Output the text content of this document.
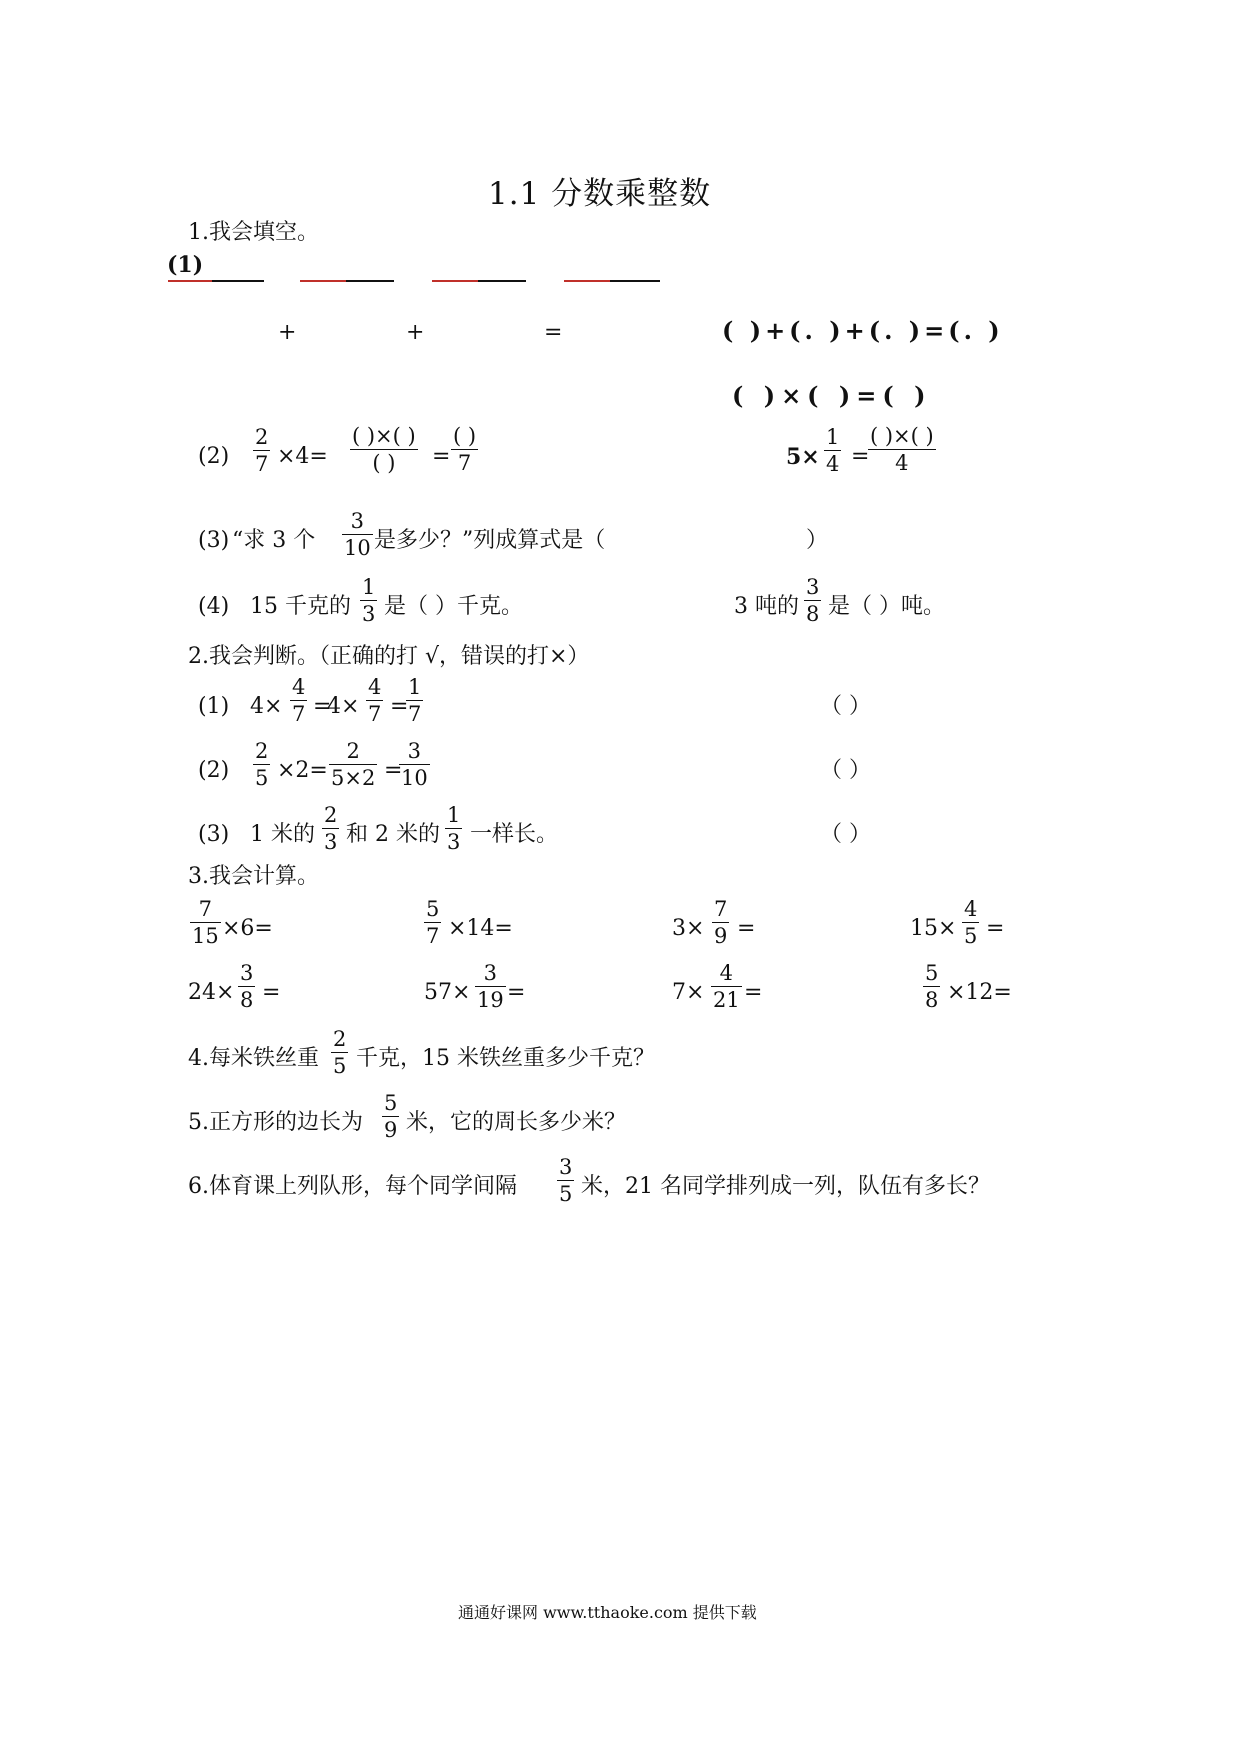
1.1 分数乘整数
1.我会填空。
(1)
+	+	=	( )+(. )+(. )=(. )
( )×( )=( )
(2)
2
7 ×4=
( )×( )
( ) =
( )
7	5×
1
4 =
( )×( )
4
(3) “求 3 个
3
10 是多少？”列成算式是（	）
(4) 15 千克的
1
3 是（ ）千克。	3 吨的
3
8 是（ ）吨。
2.我会判断。（正确的打 √，错误的打×）
(1) 4×
4
7 =
4×
4
7 =
1
7	（ ）
(2)
2
5 ×2=
2
5×2 =
3
10	（ ）
(3) 1 米的
2
3 和 2 米的
1
3 一样长。	（ ）
3.我会计算。
7
15 ×6=
5
7 ×14=	3×
7
9 =	15×
4
5 =
24×
3
8 =	57×
3
19 =	7×
4
21 =
5
8 ×12=
4.每米铁丝重
2
5 千克，15 米铁丝重多少千克？
5.正方形的边长为
5
9 米，它的周长多少米？
6.体育课上列队形，每个同学间隔
3
5 米，21 名同学排列成一列，队伍有多长？
通通好课网 www.tthaoke.com 提供下载
